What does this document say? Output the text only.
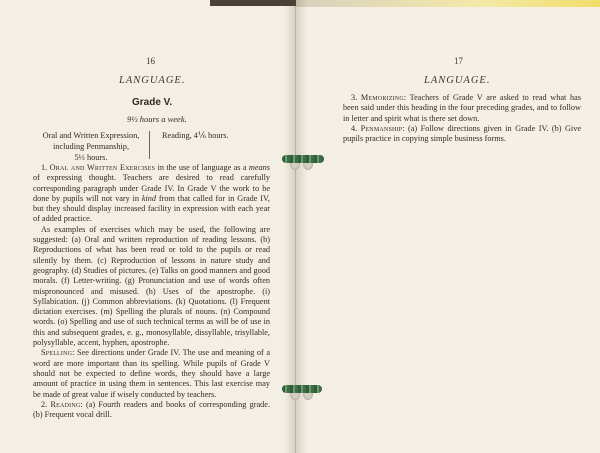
16
LANGUAGE.
Grade V.
9⅓ hours a week.
Oral and Written Expression,
including Penmanship,
5⅓ hours.
Reading, 4⅙ hours.

1. Oral and Written Exercises in the use of language as a means of expressing thought. Teachers are desired to read carefully corresponding paragraph under Grade IV. In Grade V the work to be done by pupils will not vary in kind from that called for in Grade IV, but they should display increased facility in expression with each year of added practice.

As examples of exercises which may be used, the following are suggested: (a) Oral and written reproduction of reading lessons. (b) Reproductions of what has been read or told to the pupils or read silently by them. (c) Reproduction of lessons in nature study and geography. (d) Studies of pictures. (e) Talks on good manners and good morals. (f) Letter-writing. (g) Pronunciation and use of words often mispronounced and misused. (h) Uses of the apostrophe. (i) Syllabication. (j) Common abbreviations. (k) Quotations. (l) Frequent dictation exercises. (m) Spelling the plurals of nouns. (n) Compound words. (o) Spelling and use of such technical terms as will be of use in this and subsequent grades, e. g., monosyllable, dissyllable, trisyllable, polysyllable, accent, hyphen, apostrophe.

Spelling: See directions under Grade IV. The use and meaning of a word are more important than its spelling. While pupils of Grade V should not be expected to define words, they should have a large amount of practice in using them in sentences. This last exercise may be made of great value if wisely conducted by teachers.

2. Reading: (a) Fourth readers and books of corresponding grade. (b) Frequent vocal drill.

17
LANGUAGE.

3. Memorizing: Teachers of Grade V are asked to read what has been said under this heading in the four preceding grades, and to follow in letter and spirit what is there set down.

4. Penmanship: (a) Follow directions given in Grade IV. (b) Give pupils practice in copying simple business forms.
